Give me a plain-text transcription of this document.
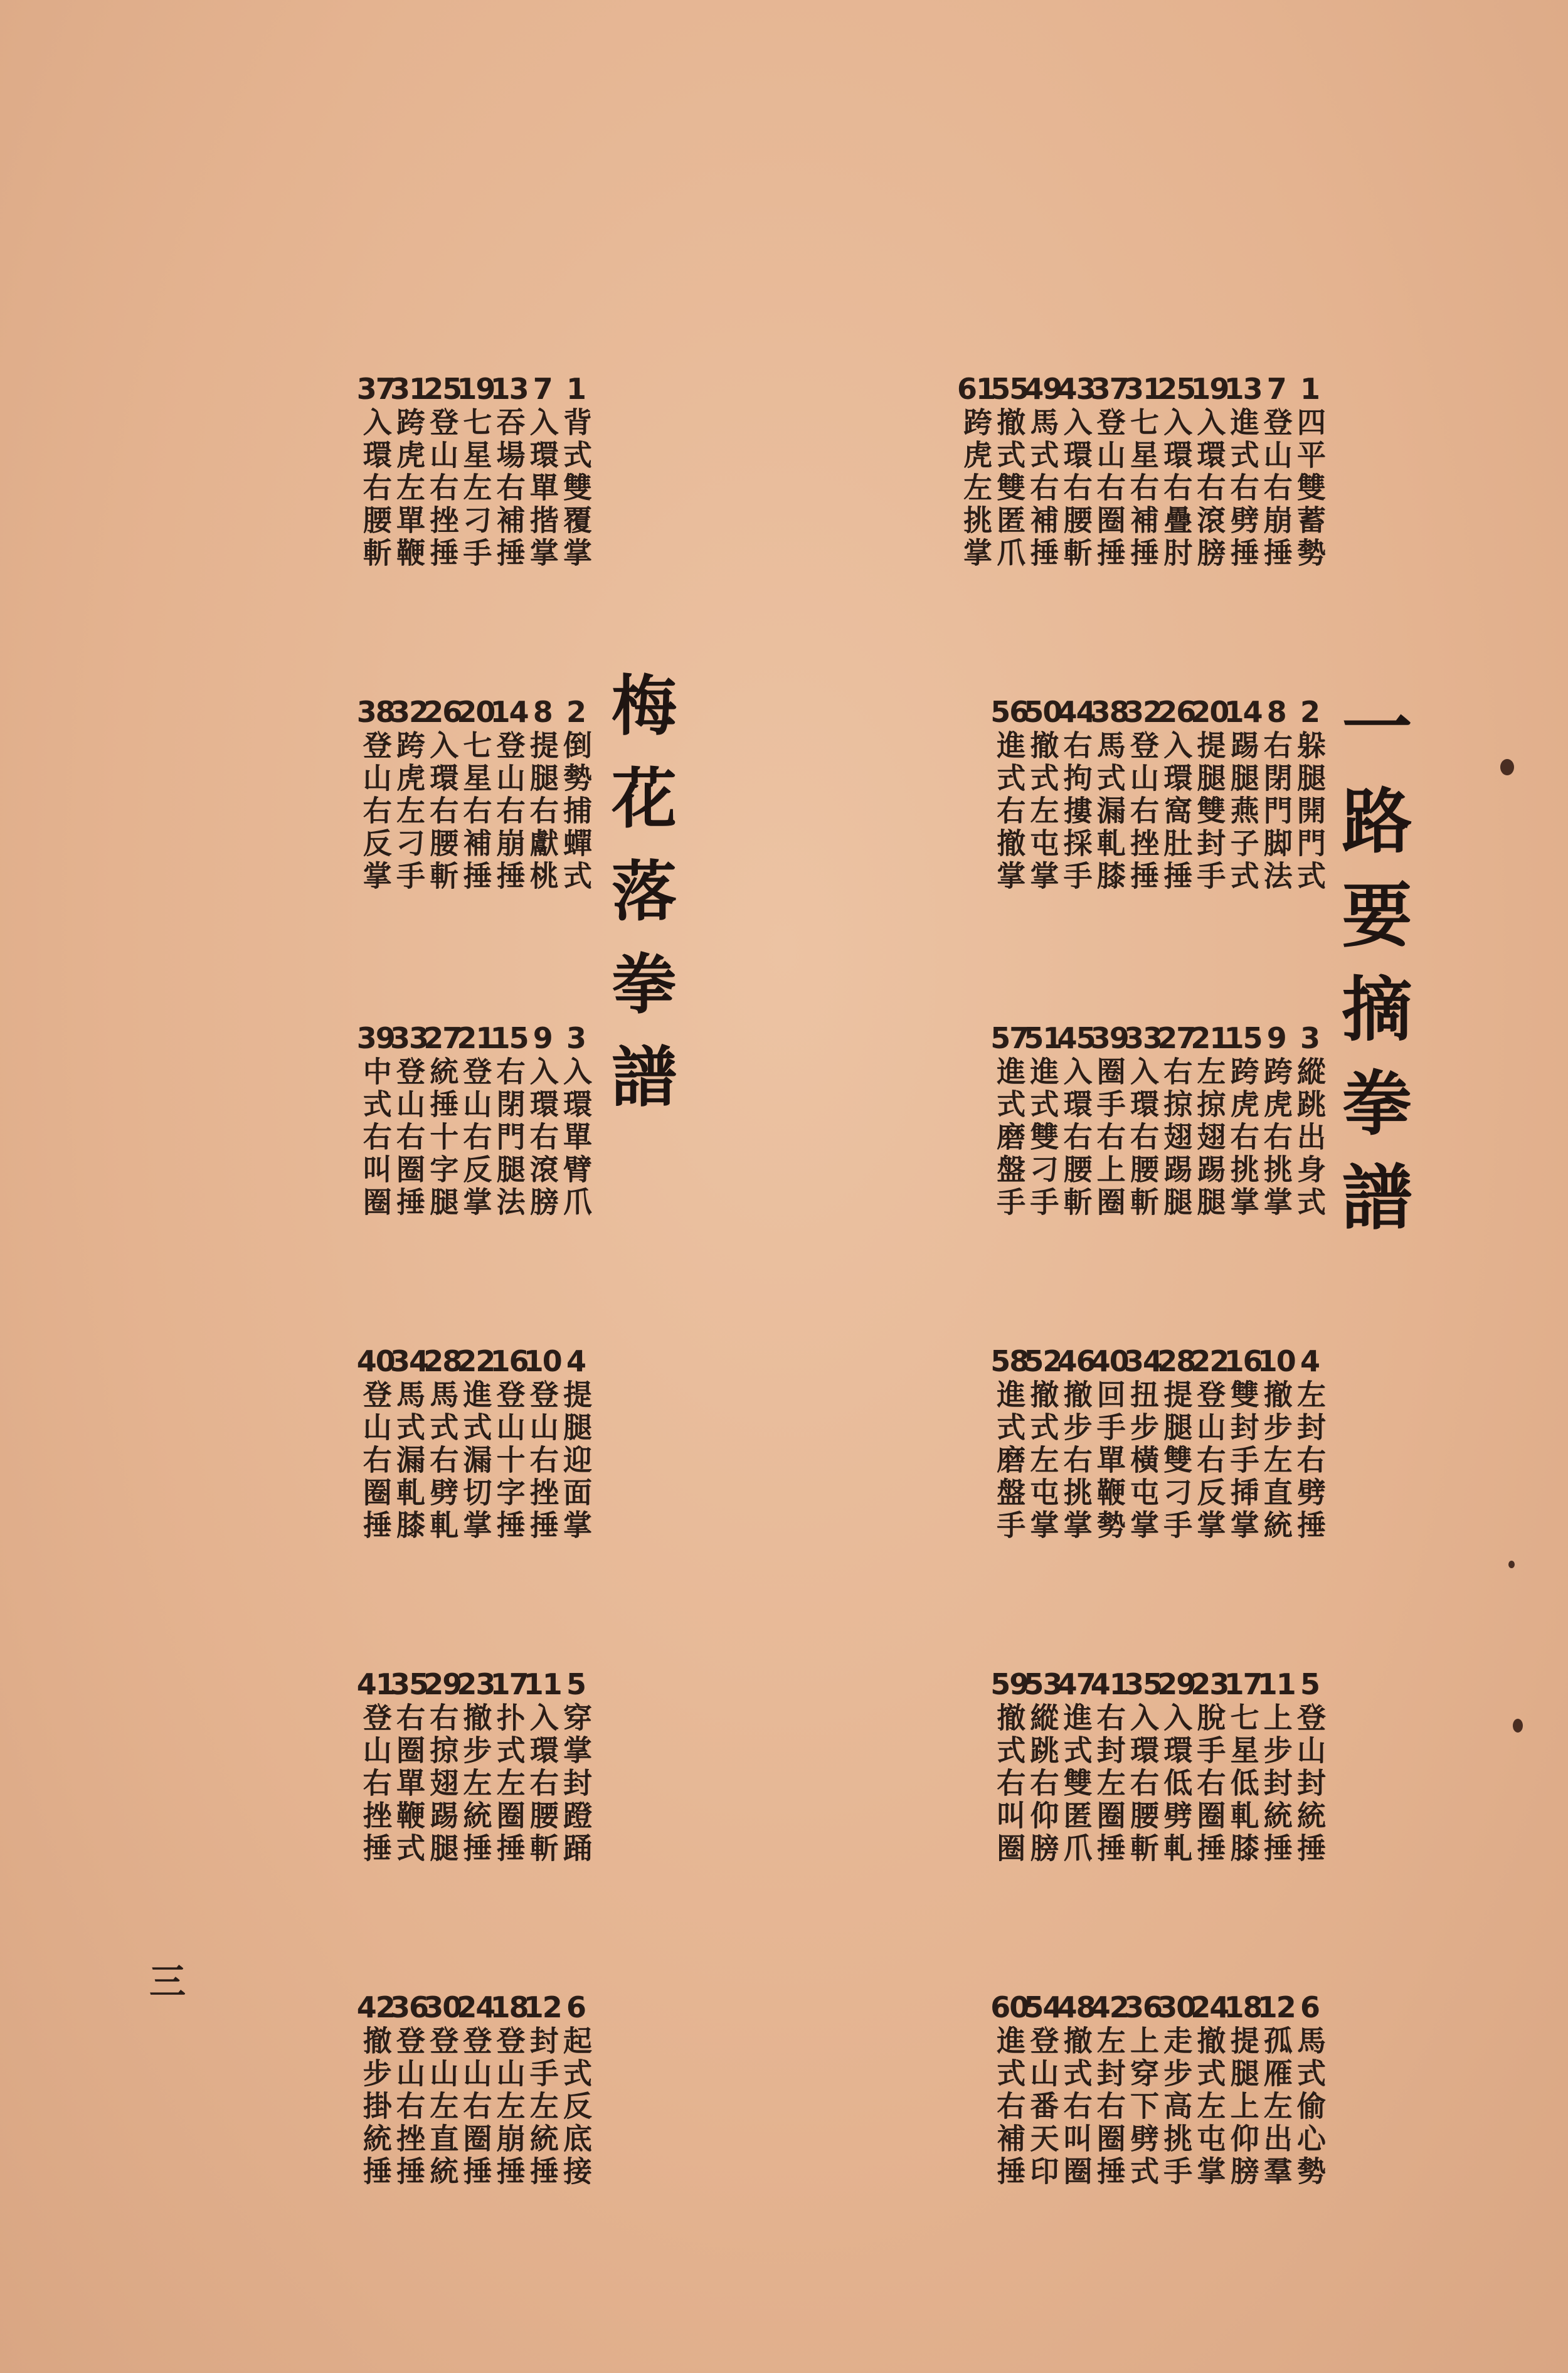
一路要摘拳譜
梅花落拳譜
1
四平雙蓄勢
7
登山右崩捶
13
進式右劈捶
19
入環右滾膀
25
入環右疊肘
31
七星右補捶
37
登山右圈捶
43
入環右腰斬
49
馬式右補捶
55
撤式雙匿爪
61
跨虎左挑掌
2
躲腿開門式
8
右閉門脚法
14
踢腿燕子式
20
提腿雙封手
26
入環窩肚捶
32
登山右挫捶
38
馬式漏軋膝
44
右拘摟採手
50
撤式左屯掌
56
進式右撤掌
3
縱跳出身式
9
跨虎右挑掌
15
跨虎右挑掌
21
左掠翅踢腿
27
右掠翅踢腿
33
入環右腰斬
39
圈手右上圈
45
入環右腰斬
51
進式雙刁手
57
進式磨盤手
4
左封右劈捶
10
撤步左直統
16
雙封手揷掌
22
登山右反掌
28
提腿雙刁手
34
扭步橫屯掌
40
回手單鞭勢
46
撤步右挑掌
52
撤式左屯掌
58
進式磨盤手
5
登山封統捶
11
上步封統捶
17
七星低軋膝
23
脫手右圈捶
29
入環低劈軋
35
入環右腰斬
41
右封左圈捶
47
進式雙匿爪
53
縱跳右仰膀
59
撤式右叫圈
6
馬式偷心勢
12
孤雁左出羣
18
提腿上仰膀
24
撤式左屯掌
30
走步高挑手
36
上穿下劈式
42
左封右圈捶
48
撤式右叫圈
54
登山番天印
60
進式右補捶
1
背式雙覆掌
7
入環單揩掌
13
吞場右補捶
19
七星左刁手
25
登山右挫捶
31
跨虎左單鞭
37
入環右腰斬
2
倒勢捕蟬式
8
提腿右獻桃
14
登山右崩捶
20
七星右補捶
26
入環右腰斬
32
跨虎左刁手
38
登山右反掌
3
入環單臂爪
9
入環右滾膀
15
右閉門腿法
21
登山右反掌
27
統捶十字腿
33
登山右圈捶
39
中式右叫圈
4
提腿迎面掌
10
登山右挫捶
16
登山十字捶
22
進式漏切掌
28
馬式右劈軋
34
馬式漏軋膝
40
登山右圈捶
5
穿掌封蹬踊
11
入環右腰斬
17
扑式左圈捶
23
撤步左統捶
29
右掠翅踢腿
35
右圈單鞭式
41
登山右挫捶
6
起式反底接
12
封手左統捶
18
登山左崩捶
24
登山右圈捶
30
登山左直統
36
登山右挫捶
42
撤步掛統捶
三
